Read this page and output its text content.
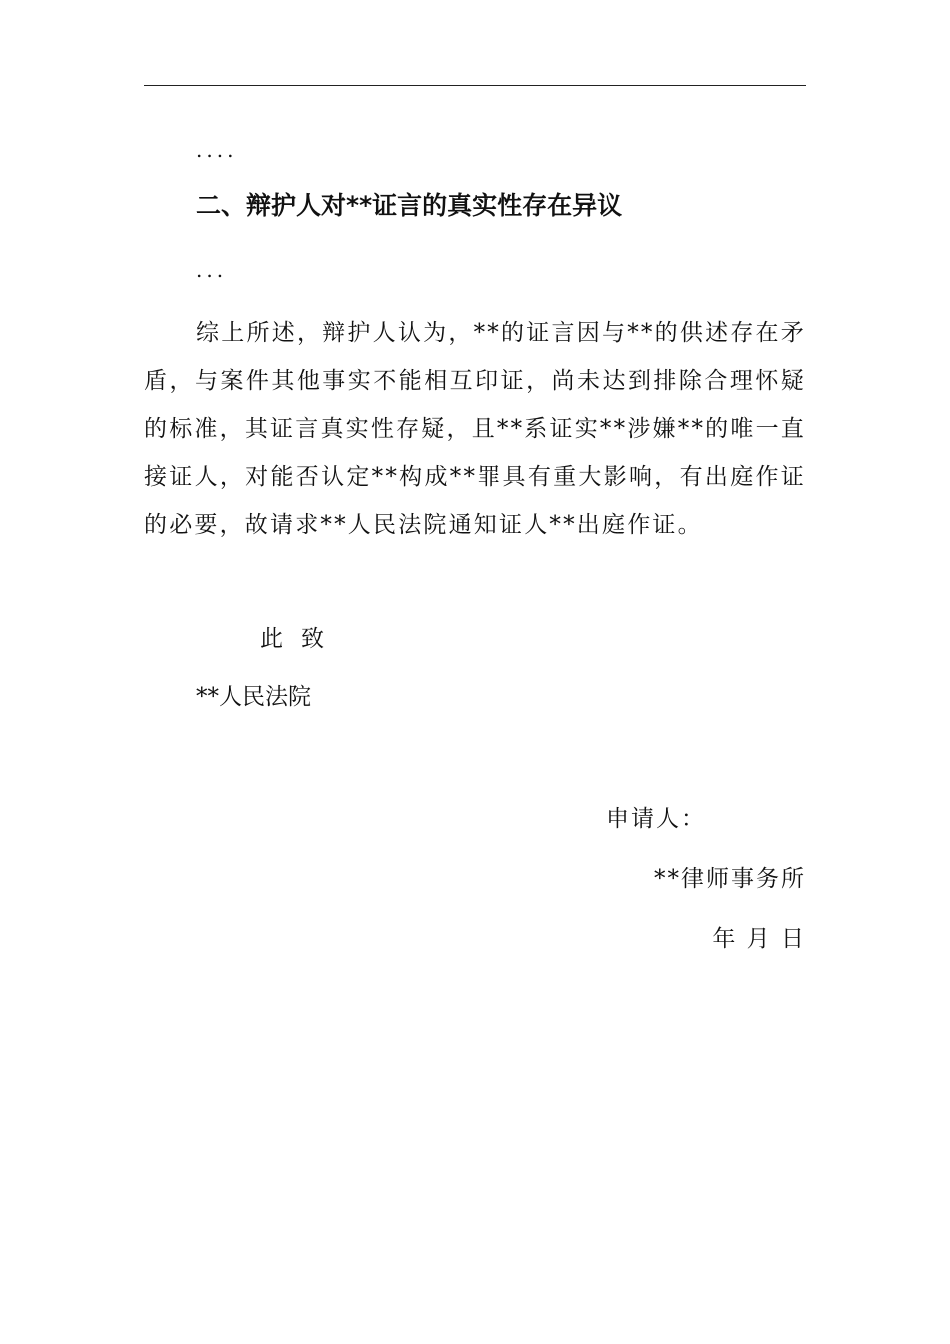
....
二、辩护人对**证言的真实性存在异议
...

综上所述，辩护人认为，**的证言因与**的供述存在矛盾，与案件其他事实不能相互印证，尚未达到排除合理怀疑的标准，其证言真实性存疑，且**系证实**涉嫌**的唯一直接证人，对能否认定**构成**罪具有重大影响，有出庭作证的必要，故请求**人民法院通知证人**出庭作证。

此致
**人民法院
申请人：
**律师事务所
年 月 日
